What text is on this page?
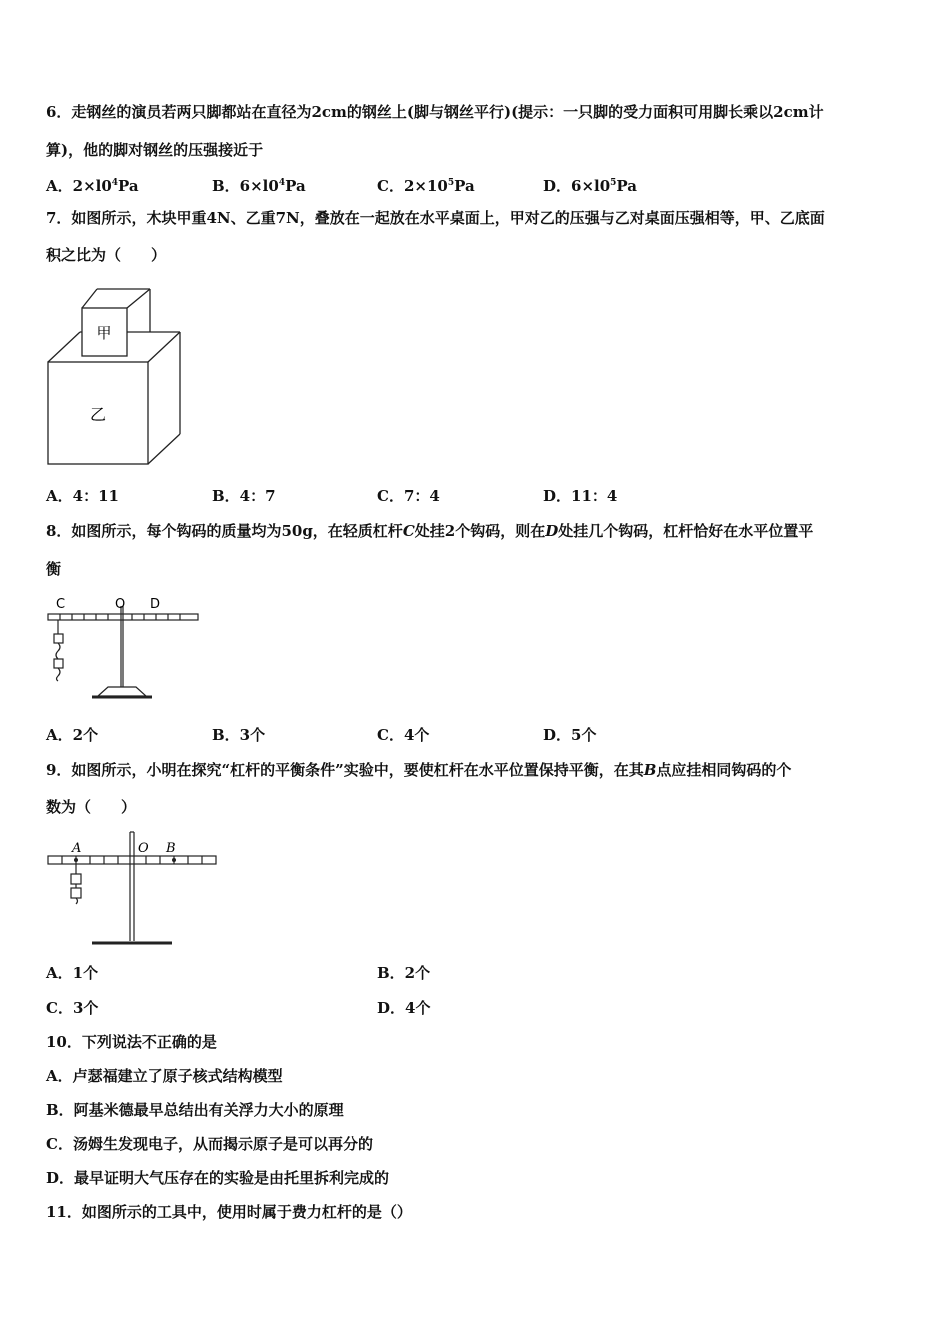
6．走钢丝的演员若两只脚都站在直径为2cm的钢丝上(脚与钢丝平行)(提示：一只脚的受力面积可用脚长乘以2cm计
算)，他的脚对钢丝的压强接近于
A．$2\times l0^4Pa$	B．$6\times l0^4Pa$	C．$2\times 10^5Pa$	D．$6\times l0^5Pa$
7．如图所示，木块甲重4N、乙重7N，叠放在一起放在水平桌面上，甲对乙的压强与乙对桌面压强相等，甲、乙底面
积之比为（　　）
甲
乙
A．4：11	B．4：7	C．7：4	D．11：4
8．如图所示，每个钩码的质量均为50g，在轻质杠杆C处挂2个钩码，则在D处挂几个钩码，杠杆恰好在水平位置平
衡
C	O D
A．2个	B．3个	C．4个	D．5个
9．如图所示，小明在探究“杠杆的平衡条件”实验中，要使杠杆在水平位置保持平衡，在其B点应挂相同钩码的个
数为（　　）
A	O B
A．1个	B．2个
C．3个	D．4个
10．下列说法不正确的是
A．卢瑟福建立了原子核式结构模型
B．阿基米德最早总结出有关浮力大小的原理
C．汤姆生发现电子，从而揭示原子是可以再分的
D．最早证明大气压存在的实验是由托里拆利完成的
11．如图所示的工具中，使用时属于费力杠杆的是（）
